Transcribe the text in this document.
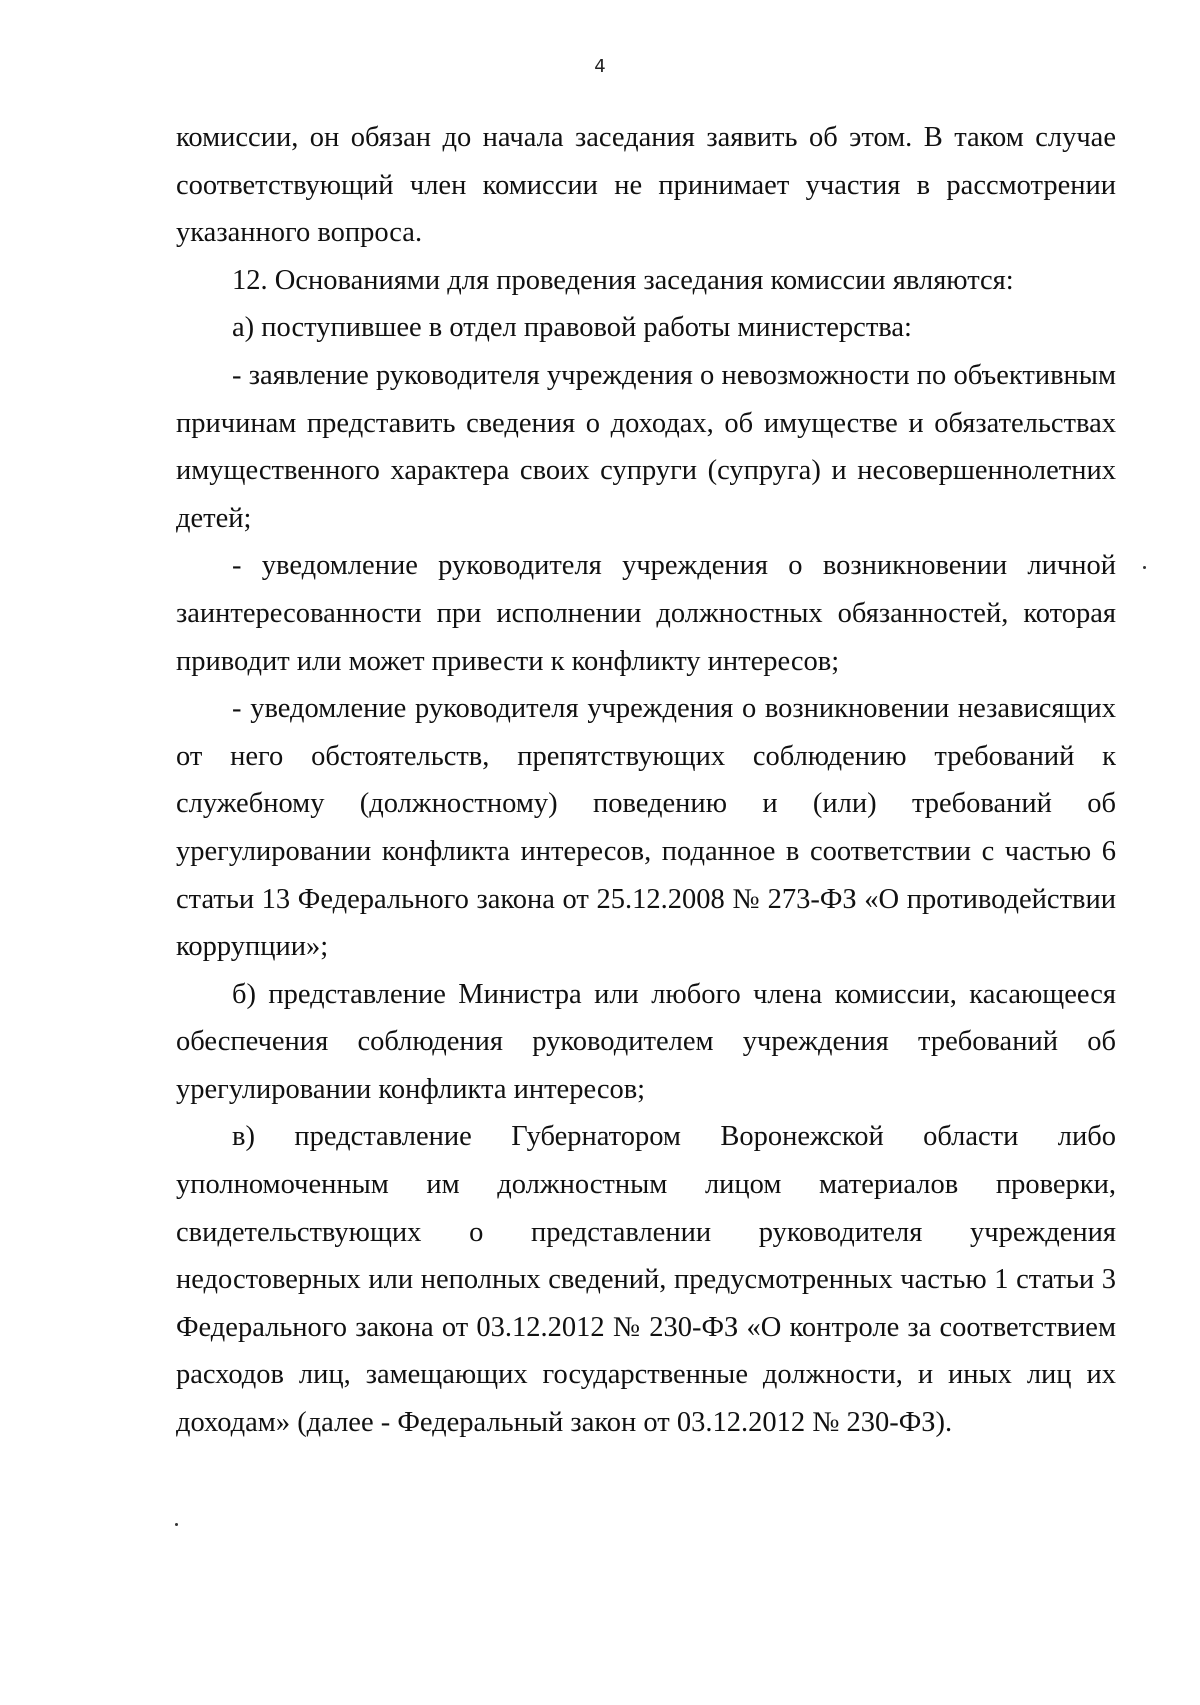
4

комиссии, он обязан до начала заседания заявить об этом. В таком случае соответствующий член комиссии не принимает участия в рассмотрении указанного вопроса.

12. Основаниями для проведения заседания комиссии являются:

а) поступившее в отдел правовой работы министерства:

- заявление руководителя учреждения о невозможности по объективным причинам представить сведения о доходах, об имуществе и обязательствах имущественного характера своих супруги (супруга) и несовершеннолетних детей;

- уведомление руководителя учреждения о возникновении личной заинтересованности при исполнении должностных обязанностей, которая приводит или может привести к конфликту интересов;

- уведомление руководителя учреждения о возникновении независящих от него обстоятельств, препятствующих соблюдению требований к служебному (должностному) поведению и (или) требований об урегулировании конфликта интересов, поданное в соответствии с частью 6 статьи 13 Федерального закона от 25.12.2008 № 273-ФЗ «О противодействии коррупции»;

б) представление Министра или любого члена комиссии, касающееся обеспечения соблюдения руководителем учреждения требований об урегулировании конфликта интересов;

в) представление Губернатором Воронежской области либо уполномоченным им должностным лицом материалов проверки, свидетельствующих о представлении руководителя учреждения недостоверных или неполных сведений, предусмотренных частью 1 статьи 3 Федерального закона от 03.12.2012 № 230-ФЗ «О контроле за соответствием расходов лиц, замещающих государственные должности, и иных лиц их доходам» (далее - Федеральный закон от 03.12.2012 № 230-ФЗ).
